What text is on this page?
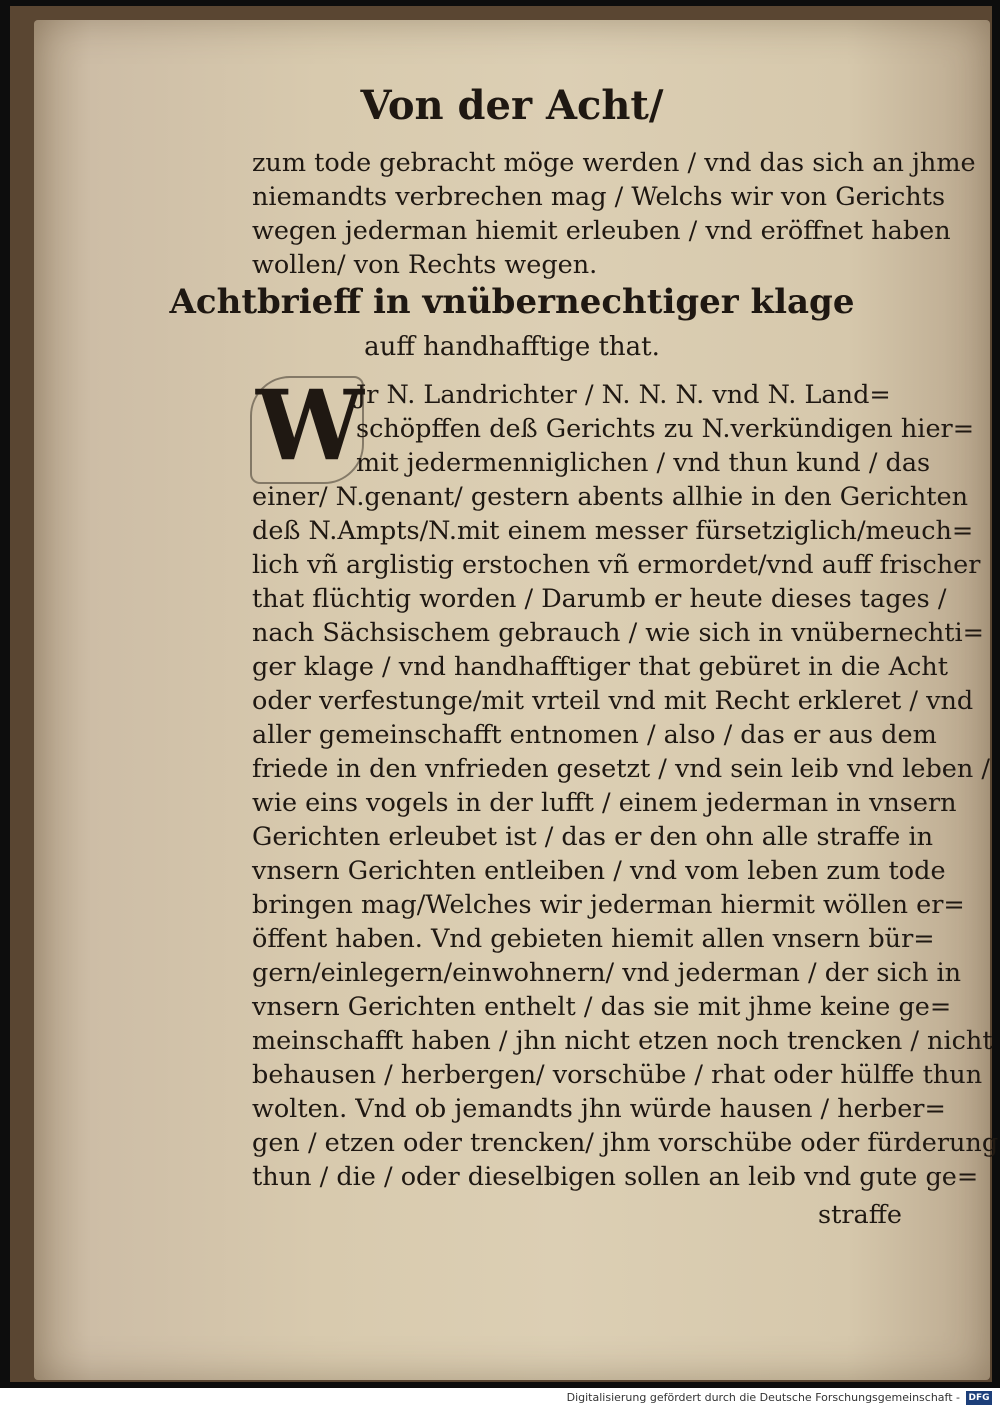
Von der Acht/
zum tode gebracht möge werden / vnd das sich an jhme
niemandts verbrechen mag / Welchs wir von Gerichts
wegen jederman hiemit erleuben / vnd eröffnet haben
wollen/ von Rechts wegen.
Achtbrieff in vnübernechtiger klage
auff handhafftige that.
W
Jr N. Landrichter / N. N. N. vnd N. Land=
schöpffen deß Gerichts zu N.verkündigen hier=
mit jedermenniglichen / vnd thun kund / das
einer/ N.genant/ gestern abents allhie in den Gerichten
deß N.Ampts/N.mit einem messer fürsetziglich/meuch=
lich vñ arglistig erstochen vñ ermordet/vnd auff frischer
that flüchtig worden / Darumb er heute dieses tages /
nach Sächsischem gebrauch / wie sich in vnübernechti=
ger klage / vnd handhafftiger that gebüret in die Acht
oder verfestunge/mit vrteil vnd mit Recht erkleret / vnd
aller gemeinschafft entnomen / also / das er aus dem
friede in den vnfrieden gesetzt / vnd sein leib vnd leben /
wie eins vogels in der lufft / einem jederman in vnsern
Gerichten erleubet ist / das er den ohn alle straffe in
vnsern Gerichten entleiben / vnd vom leben zum tode
bringen mag/Welches wir jederman hiermit wöllen er=
öffent haben. Vnd gebieten hiemit allen vnsern bür=
gern/einlegern/einwohnern/ vnd jederman / der sich in
vnsern Gerichten enthelt / das sie mit jhme keine ge=
meinschafft haben / jhn nicht etzen noch trencken / nicht
behausen / herbergen/ vorschübe / rhat oder hülffe thun
wolten. Vnd ob jemandts jhn würde hausen / herber=
gen / etzen oder trencken/ jhm vorschübe oder fürderung
thun / die / oder dieselbigen sollen an leib vnd gute ge=
straffe
Digitalisierung gefördert durch die Deutsche Forschungsgemeinschaft - DFG
